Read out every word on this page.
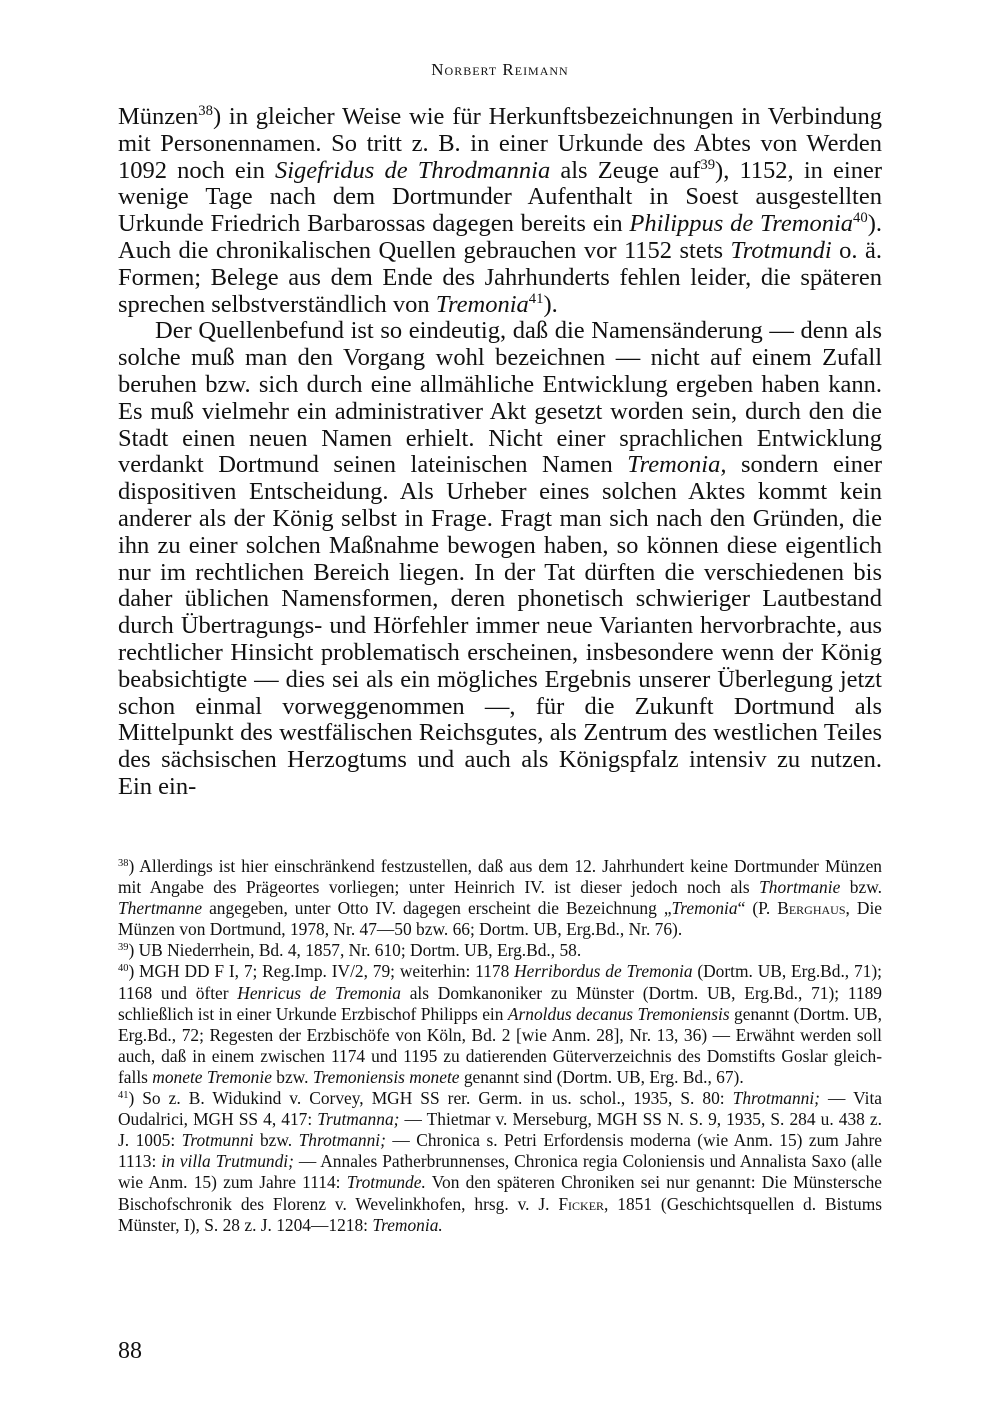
Norbert Reimann

Münzen$^{38}$) in gleicher Weise wie für Herkunftsbezeichnungen in Verbindung mit Personennamen. So tritt z. B. in einer Urkunde des Abtes von Werden 1092 noch ein Sigefridus de Throdmannia als Zeuge auf$^{39}$), 1152, in einer wenige Tage nach dem Dortmunder Aufenthalt in Soest ausgestellten Urkunde Friedrich Barbarossas dagegen bereits ein Philippus de Tremonia$^{40}$). Auch die chronikalischen Quellen gebrauchen vor 1152 stets Trotmundi o. ä. Formen; Belege aus dem Ende des Jahrhunderts fehlen leider, die späteren sprechen selbstverständlich von Tremonia$^{41}$).

Der Quellenbefund ist so eindeutig, daß die Namensänderung — denn als solche muß man den Vorgang wohl bezeichnen — nicht auf einem Zufall beruhen bzw. sich durch eine allmähliche Entwicklung ergeben haben kann. Es muß vielmehr ein administrativer Akt gesetzt worden sein, durch den die Stadt einen neuen Namen erhielt. Nicht einer sprachlichen Entwicklung verdankt Dortmund seinen lateinischen Namen Tremonia, sondern einer dispositiven Entscheidung. Als Urheber eines solchen Aktes kommt kein anderer als der König selbst in Frage. Fragt man sich nach den Gründen, die ihn zu einer solchen Maßnahme bewogen haben, so können diese eigentlich nur im rechtlichen Bereich liegen. In der Tat dürften die verschiedenen bis daher üblichen Namensformen, deren phonetisch schwieriger Lautbestand durch Übertragungs- und Hörfehler immer neue Varianten hervorbrachte, aus rechtlicher Hinsicht problematisch erscheinen, insbesondere wenn der König beabsichtigte — dies sei als ein mögliches Ergebnis unserer Überlegung jetzt schon einmal vorweggenommen —, für die Zukunft Dortmund als Mittelpunkt des westfälischen Reichsgutes, als Zentrum des westlichen Teiles des sächsischen Herzogtums und auch als Königspfalz intensiv zu nutzen. Ein ein-

$^{38}$) Allerdings ist hier einschränkend festzustellen, daß aus dem 12. Jahrhundert keine Dortmunder Münzen mit Angabe des Prägeortes vorliegen; unter Heinrich IV. ist dieser jedoch noch als Thortmanie bzw. Thertmanne angegeben, unter Otto IV. dagegen erscheint die Bezeichnung „Tremonia“ (P. Berghaus, Die Münzen von Dortmund, 1978, Nr. 47—50 bzw. 66; Dortm. UB, Erg.Bd., Nr. 76).

$^{39}$) UB Niederrhein, Bd. 4, 1857, Nr. 610; Dortm. UB, Erg.Bd., 58.

$^{40}$) MGH DD F I, 7; Reg.Imp. IV/2, 79; weiterhin: 1178 Herribordus de Tremonia (Dortm. UB, Erg.Bd., 71); 1168 und öfter Henricus de Tremonia als Domkanoniker zu Münster (Dortm. UB, Erg.Bd., 71); 1189 schließlich ist in einer Urkunde Erzbischof Philipps ein Arnoldus decanus Tremoniensis genannt (Dortm. UB, Erg.Bd., 72; Regesten der Erzbischöfe von Köln, Bd. 2 [wie Anm. 28], Nr. 13, 36) — Erwähnt werden soll auch, daß in einem zwischen 1174 und 1195 zu datierenden Güterverzeichnis des Domstifts Goslar gleichfalls monete Tremonie bzw. Tremoniensis monete genannt sind (Dortm. UB, Erg. Bd., 67).

$^{41}$) So z. B. Widukind v. Corvey, MGH SS rer. Germ. in us. schol., 1935, S. 80: Throtmanni; — Vita Oudalrici, MGH SS 4, 417: Trutmanna; — Thietmar v. Merseburg, MGH SS N. S. 9, 1935, S. 284 u. 438 z. J. 1005: Trotmunni bzw. Throtmanni; — Chronica s. Petri Erfordensis moderna (wie Anm. 15) zum Jahre 1113: in villa Trutmundi; — Annales Patherbrunnenses, Chronica regia Coloniensis und Annalista Saxo (alle wie Anm. 15) zum Jahre 1114: Trotmunde. Von den späteren Chroniken sei nur genannt: Die Münstersche Bischofschronik des Florenz v. Wevelinkhofen, hrsg. v. J. Ficker, 1851 (Geschichtsquellen d. Bistums Münster, I), S. 28 z. J. 1204—1218: Tremonia.

88
